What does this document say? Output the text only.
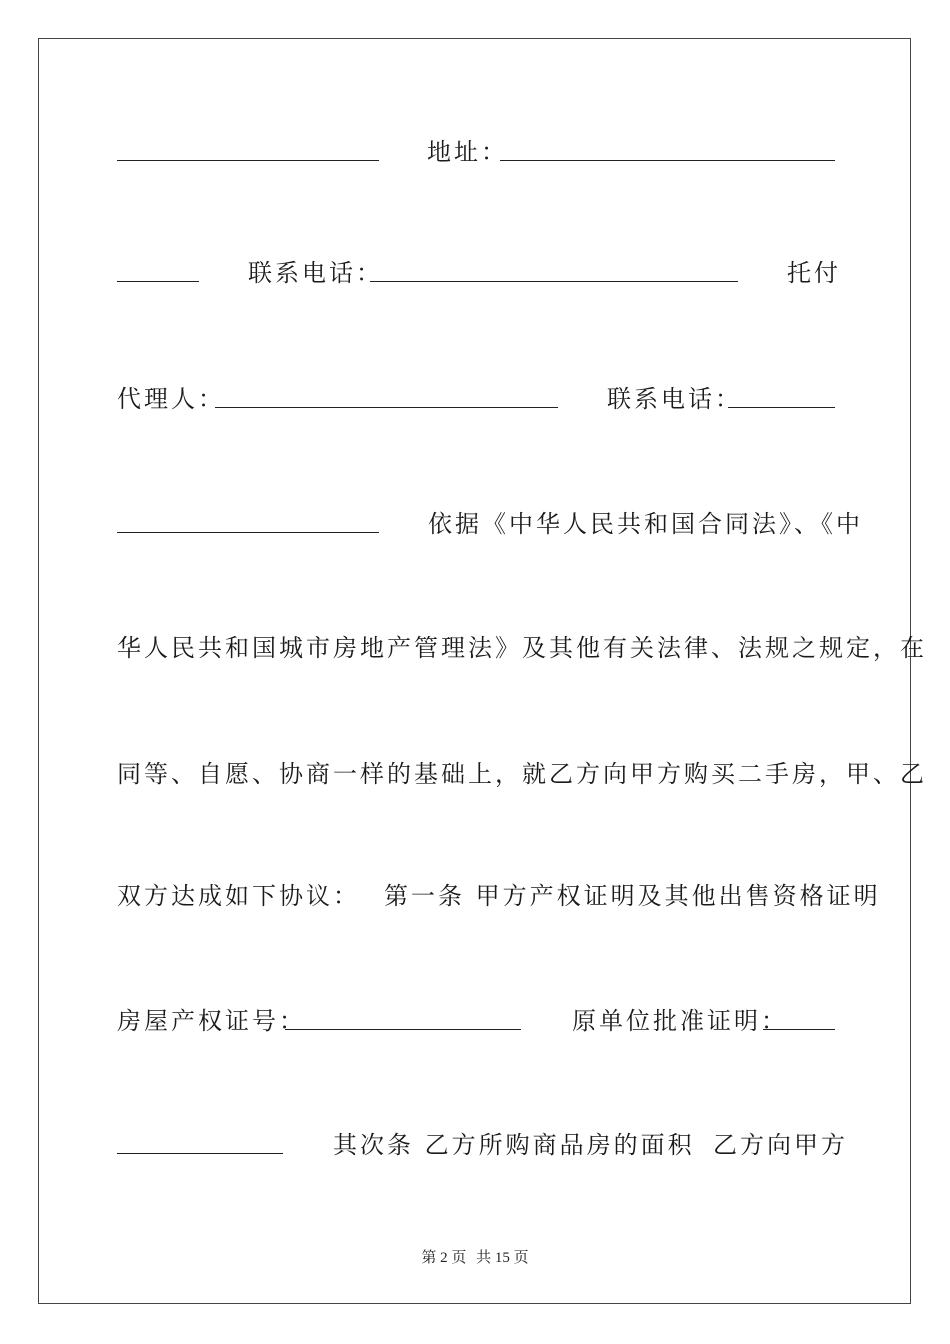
地址：
联系电话：	托付
代理人：	联系电话：
依据《中华人民共和国合同法》、《中
华人民共和国城市房地产管理法》及其他有关法律、法规之规定，在
同等、自愿、协商一样的基础上，就乙方向甲方购买二手房，甲、乙
双方达成如下协议： 第一条 甲方产权证明及其他出售资格证明
房屋产权证号：	原单位批准证明：
其次条 乙方所购商品房的面积 乙方向甲方
第 2 页 共 15 页
